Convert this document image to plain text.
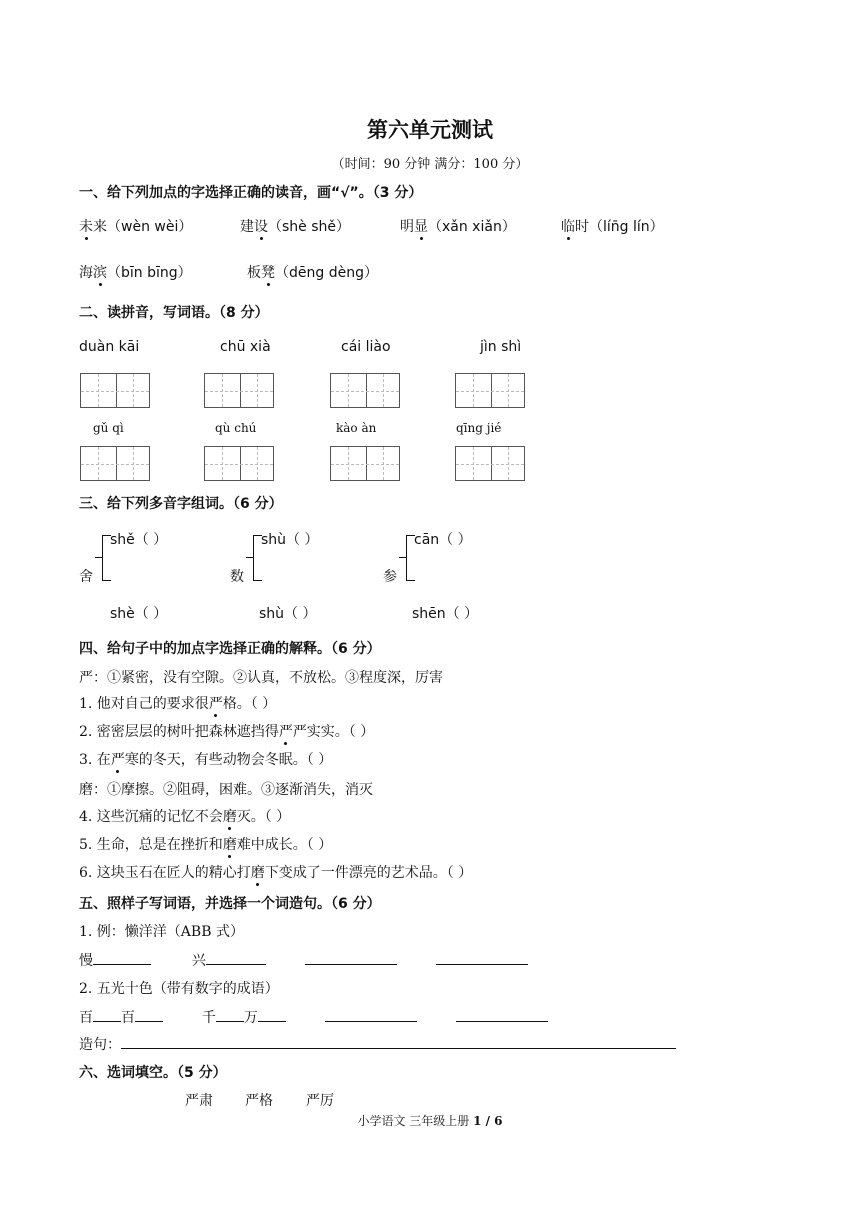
第六单元测试
（时间：90 分钟 满分：100 分）
一、给下列加点的字选择正确的读音，画“√”。（3 分）
未来（wèn wèi）	建设（shè shě）	明显（xǎn xiǎn）	临时（lín̄g lín）
海滨（bīn bīng）	板凳（dēng dèng）
二、读拼音，写词语。（8 分）
duàn kāi	chū xià	cái liào	jìn shì
gǔ qì	qù chú	kào àn	qīng jié
三、给下列多音字组词。（6 分）
舍
shě（ ）
shè（ ）
数
shù（ ）
shù（ ）
参
cān（ ）
shēn（ ）
四、给句子中的加点字选择正确的解释。（6 分）
严：①紧密，没有空隙。②认真，不放松。③程度深，厉害
1. 他对自己的要求很严格。（ ）
2. 密密层层的树叶把森林遮挡得严严实实。（ ）
3. 在严寒的冬天，有些动物会冬眠。（ ）
磨：①摩擦。②阻碍，困难。③逐渐消失，消灭
4. 这些沉痛的记忆不会磨灭。（ ）
5. 生命，总是在挫折和磨难中成长。（ ）
6. 这块玉石在匠人的精心打磨下变成了一件漂亮的艺术品。（ ）
五、照样子写词语，并选择一个词造句。（6 分）
1. 例：懒洋洋（ABB 式）
慢	兴
2. 五光十色（带有数字的成语）
百 百	千 万
造句：
六、选词填空。（5 分）
严肃 严格 严厉
小学语文 三年级上册 1 / 6
